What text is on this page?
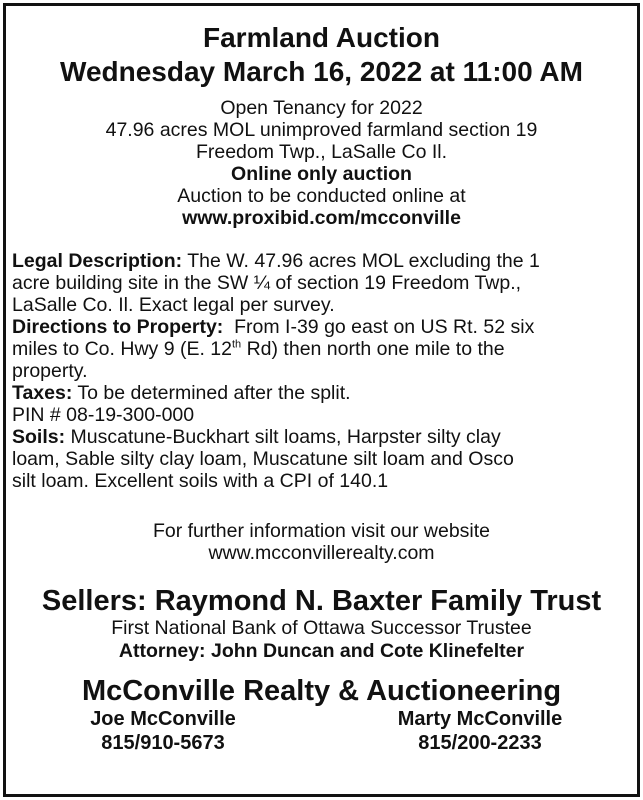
Farmland Auction
Wednesday March 16, 2022 at 11:00 AM
Open Tenancy for 2022
47.96 acres MOL unimproved farmland section 19
Freedom Twp., LaSalle Co Il.
Online only auction
Auction to be conducted online at
www.proxibid.com/mcconville
Legal Description: The W. 47.96 acres MOL excluding the 1
acre building site in the SW ¼ of section 19 Freedom Twp.,
LaSalle Co. Il. Exact legal per survey.
Directions to Property:  From I-39 go east on US Rt. 52 six
miles to Co. Hwy 9 (E. 12th Rd) then north one mile to the
property.
Taxes: To be determined after the split.
PIN # 08-19-300-000
Soils: Muscatune-Buckhart silt loams, Harpster silty clay
loam, Sable silty clay loam, Muscatune silt loam and Osco
silt loam. Excellent soils with a CPI of 140.1
For further information visit our website
www.mcconvillerealty.com
Sellers: Raymond N. Baxter Family Trust
First National Bank of Ottawa Successor Trustee
Attorney: John Duncan and Cote Klinefelter
McConville Realty & Auctioneering
Joe McConville
815/910-5673
Marty McConville
815/200-2233
